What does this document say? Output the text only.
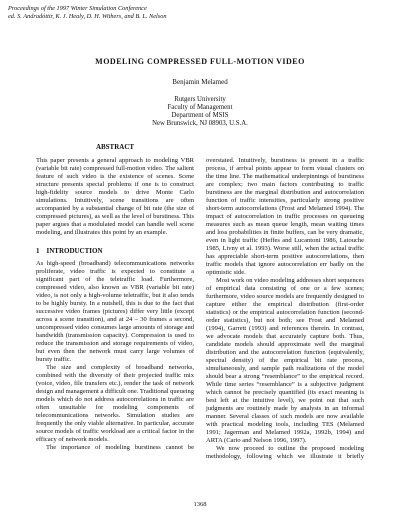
Proceedings of the 1997 Winter Simulation Conference
ed. S. Andradóttir, K. J. Healy, D. H. Withers, and B. L. Nelson
MODELING COMPRESSED FULL-MOTION VIDEO
Benjamin Melamed
Rutgers University
Faculty of Management
Department of MSIS
New Brunswick, NJ 08903, U.S.A.
ABSTRACT

This paper presents a general approach to modeling VBR (variable bit rate) compressed full-motion video. The salient feature of such video is the existence of scenes. Scene structure presents special problems if one is to construct high-fidelity source models to drive Monte Carlo simulations. Intuitively, scene transitions are often accompanied by a substantial change of bit rate (the size of compressed pictures), as well as the level of burstiness. This paper argues that a modulated model can handle well scene modeling, and illustrates this point by an example.

1 INTRODUCTION

As high-speed (broadband) telecommunications networks proliferate, video traffic is expected to constitute a significant part of the teletraffic load. Furthermore, compressed video, also known as VBR (variable bit rate) video, is not only a high-volume teletraffic, but it also tends to be highly bursty. In a nutshell, this is due to the fact that successive video frames (pictures) differ very little (except across a scene transition), and at 24 – 30 frames a second, uncompressed video consumes large amounts of storage and bandwidth (transmission capacity). Compression is used to reduce the transmission and storage requirements of video, but even then the network must carry large volumes of bursty traffic.

The size and complexity of broadband networks, combined with the diversity of their projected traffic mix (voice, video, file transfers etc.), render the task of network design and management a difficult one. Traditional queueing models which do not address autocorrelations in traffic are often unsuitable for modeling components of telecommunications networks. Simulation studies are frequently the only viable alternative. In particular, accurate source models of traffic workload are a critical factor in the efficacy of network models.

The importance of modeling burstiness cannot be

overstated. Intuitively, burstiness is present in a traffic process, if arrival points appear to form visual clusters on the time line. The mathematical underpinnings of burstiness are complex; two main factors contributing to traffic burstiness are the marginal distribution and autocorrelation function of traffic intensities, particularly strong positive short-term autocorrelations (Frost and Melamed 1994). The impact of autocorrelation in traffic processes on queueing measures such as mean queue length, mean waiting times and loss probabilities in finite buffers, can be very dramatic, even in light traffic (Heffes and Lucantoni 1986, Latouche 1985, Livny et al. 1993). Worse still, when the actual traffic has appreciable short-term positive autocorrelations, then traffic models that ignore autocorrelation err badly on the optimistic side.

Most work on video modeling addresses short sequences of empirical data consisting of one or a few scenes; furthermore, video source models are frequently designed to capture either the empirical distribution (first-order statistics) or the empirical autocorrelation function (second-order statistics), but not both; see Frost and Melamed (1994), Garrett (1993) and references therein. In contrast, we advocate models that accurately capture both. Thus, candidate models should approximate well the marginal distribution and the autocorrelation function (equivalently, spectral density) of the empirical bit rate process, simultaneously, and sample path realizations of the model should bear a strong “resemblance” to the empirical record. While time series “resemblance” is a subjective judgment which cannot be precisely quantified (its exact meaning is best left at the intuitive level), we point out that such judgments are routinely made by analysts in an informal manner. Several classes of such models are now available with practical modeling tools, including TES (Melamed 1991; Jagerman and Melamed 1992a, 1992b, 1994) and ARTA (Cario and Nelson 1996, 1997).

We now proceed to outline the proposed modeling methodology, following which we illustrate it briefly

1368
